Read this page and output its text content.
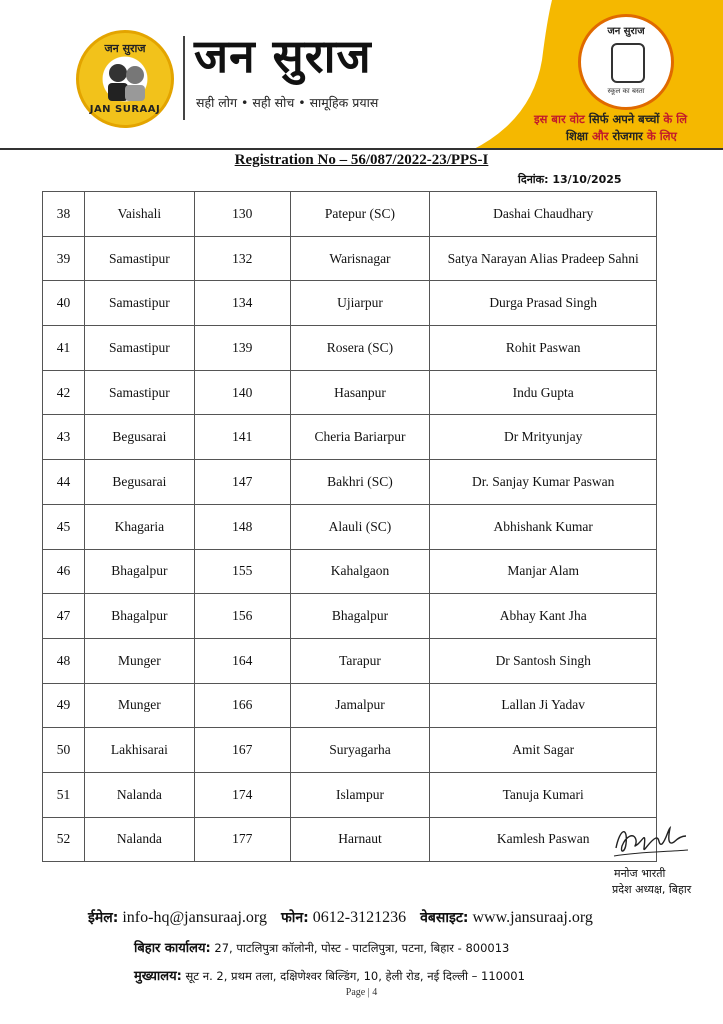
जन सुराज
JAN SURAAJ
जन सुराज
सही लोग • सही सोच • सामूहिक प्रयास
जन सुराज
स्कूल का बस्ता
इस बार वोट सिर्फ अपने बच्चों के लि
शिक्षा और रोजगार के लिए
Registration No – 56/087/2022-23/PPS-I
दिनांक: 13/10/2025
38	Vaishali	130	Patepur (SC)	Dashai Chaudhary
39	Samastipur	132	Warisnagar	Satya Narayan Alias Pradeep Sahni
40	Samastipur	134	Ujiarpur	Durga Prasad Singh
41	Samastipur	139	Rosera (SC)	Rohit Paswan
42	Samastipur	140	Hasanpur	Indu Gupta
43	Begusarai	141	Cheria Bariarpur	Dr Mrityunjay
44	Begusarai	147	Bakhri (SC)	Dr. Sanjay Kumar Paswan
45	Khagaria	148	Alauli (SC)	Abhishank Kumar
46	Bhagalpur	155	Kahalgaon	Manjar Alam
47	Bhagalpur	156	Bhagalpur	Abhay Kant Jha
48	Munger	164	Tarapur	Dr Santosh Singh
49	Munger	166	Jamalpur	Lallan Ji Yadav
50	Lakhisarai	167	Suryagarha	Amit Sagar
51	Nalanda	174	Islampur	Tanuja Kumari
52	Nalanda	177	Harnaut	Kamlesh Paswan
मनोज भारती
प्रदेश अध्यक्ष, बिहार
ईमेल: info-hq@jansuraaj.org फोन: 0612-3121236 वेबसाइट: www.jansuraaj.org
बिहार कार्यालय: 27, पाटलिपुत्रा कॉलोनी, पोस्ट - पाटलिपुत्रा, पटना, बिहार - 800013
मुख्यालय: सूट न. 2, प्रथम तला, दक्षिणेश्वर बिल्डिंग, 10, हेली रोड, नई दिल्ली – 110001
Page | 4
